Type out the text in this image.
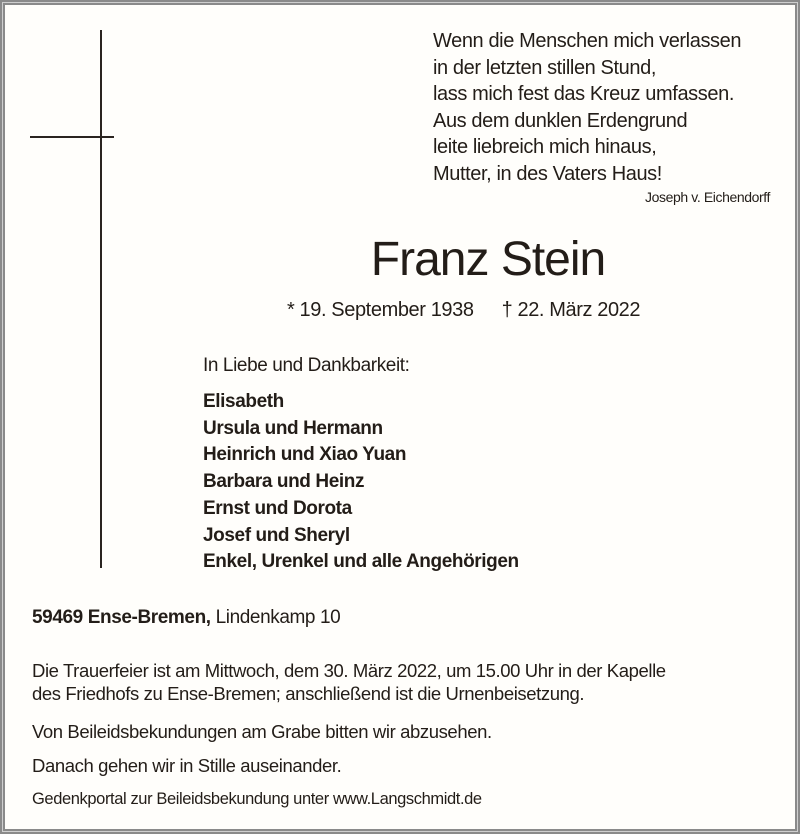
Wenn die Menschen mich verlassen
in der letzten stillen Stund,
lass mich fest das Kreuz umfassen.
Aus dem dunklen Erdengrund
leite liebreich mich hinaus,
Mutter, in des Vaters Haus!
Joseph v. Eichendorff
Franz Stein
* 19. September 1938 † 22. März 2022
In Liebe und Dankbarkeit:
Elisabeth
Ursula und Hermann
Heinrich und Xiao Yuan
Barbara und Heinz
Ernst und Dorota
Josef und Sheryl
Enkel, Urenkel und alle Angehörigen
59469 Ense-Bremen, Lindenkamp 10
Die Trauerfeier ist am Mittwoch, dem 30. März 2022, um 15.00 Uhr in der Kapelle
des Friedhofs zu Ense-Bremen; anschließend ist die Urnenbeisetzung.
Von Beileidsbekundungen am Grabe bitten wir abzusehen.
Danach gehen wir in Stille auseinander.
Gedenkportal zur Beileidsbekundung unter www.Langschmidt.de
